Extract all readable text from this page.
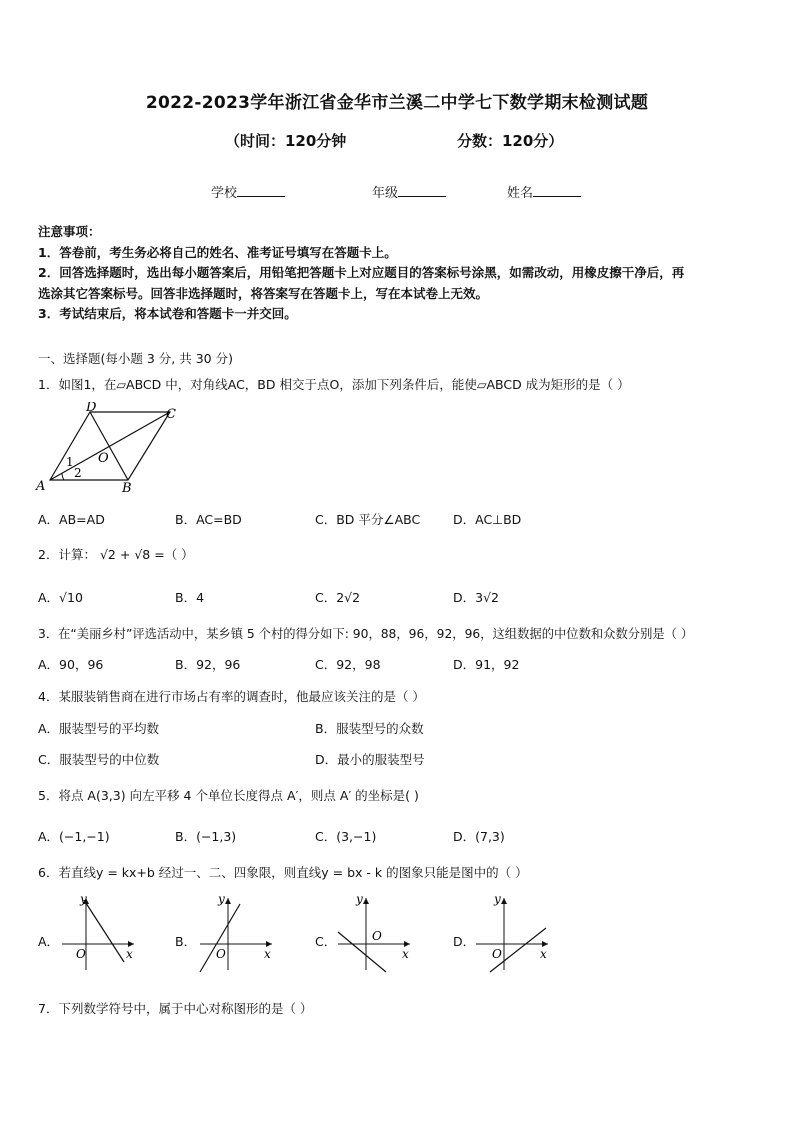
2022-2023学年浙江省金华市兰溪二中学七下数学期末检测试题
（时间：120分钟	分数：120分）
学校	年级	姓名
注意事项：
1．答卷前，考生务必将自己的姓名、准考证号填写在答题卡上。
2．回答选择题时，选出每小题答案后，用铅笔把答题卡上对应题目的答案标号涂黑，如需改动，用橡皮擦干净后，再
选涂其它答案标号。回答非选择题时，将答案写在答题卡上，写在本试卷上无效。
3．考试结束后，将本试卷和答题卡一并交回。
一、选择题(每小题 3 分, 共 30 分)
1．如图1，在▱ABCD 中，对角线AC，BD 相交于点O，添加下列条件后，能使▱ABCD 成为矩形的是（ ）
D	C
O
1
2
A	B
A．AB=AD	B．AC=BD	C．BD 平分∠ABC	D．AC⊥BD
2．计算： √2 + √8 =（ ）
A．√10	B．4	C．2√2	D．3√2
3．在“美丽乡村”评选活动中，某乡镇 5 个村的得分如下: 90，88，96，92，96，这组数据的中位数和众数分别是（ ）
A．90，96	B．92，96	C．92，98	D．91，92
4．某服装销售商在进行市场占有率的调查时，他最应该关注的是（ ）
A．服装型号的平均数	B．服装型号的众数
C．服装型号的中位数	D．最小的服装型号
5．将点 A(3,3) 向左平移 4 个单位长度得点 A′，则点 A′ 的坐标是( )
A．(−1,−1)	B．(−1,3)	C．(3,−1)	D．(7,3)
6．若直线y = kx+b 经过一、二、四象限，则直线y = bx - k 的图象只能是图中的（ ）
A．
y
x
O
B．
y
x
O
C．
y
x
O	D．
y
x
O
7．下列数学符号中，属于中心对称图形的是（ ）
